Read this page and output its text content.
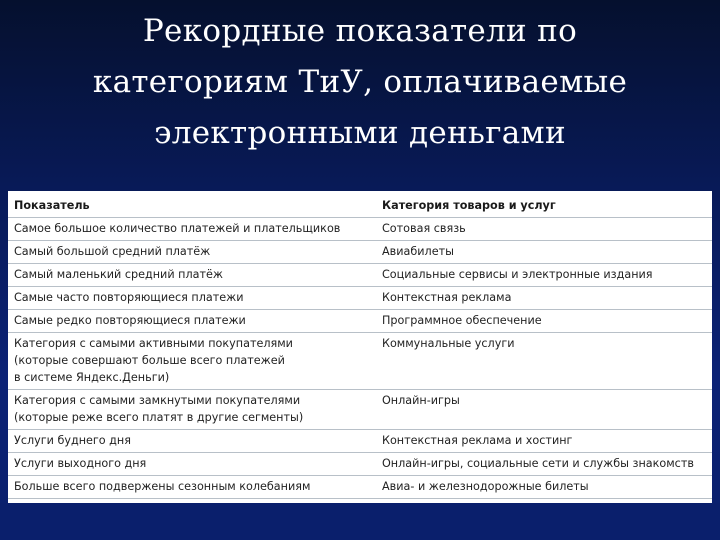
Рекордные показатели по
категориям ТиУ, оплачиваемые
электронными деньгами
Показатель	Категория товаров и услуг

Самое большое количество платежей и плательщиков	Сотовая связь

Самый большой средний платёж	Авиабилеты

Самый маленький средний платёж	Социальные сервисы и электронные издания

Самые часто повторяющиеся платежи	Контекстная реклама

Самые редко повторяющиеся платежи	Программное обеспечение

Категория с самыми активными покупателями
(которые совершают больше всего платежей
в системе Яндекс.Деньги)	Коммунальные услуги

Категория с самыми замкнутыми покупателями
(которые реже всего платят в другие сегменты)	Онлайн-игры

Услуги буднего дня	Контекстная реклама и хостинг

Услуги выходного дня	Онлайн-игры, социальные сети и службы знакомств

Больше всего подвержены сезонным колебаниям	Авиа- и железнодорожные билеты
